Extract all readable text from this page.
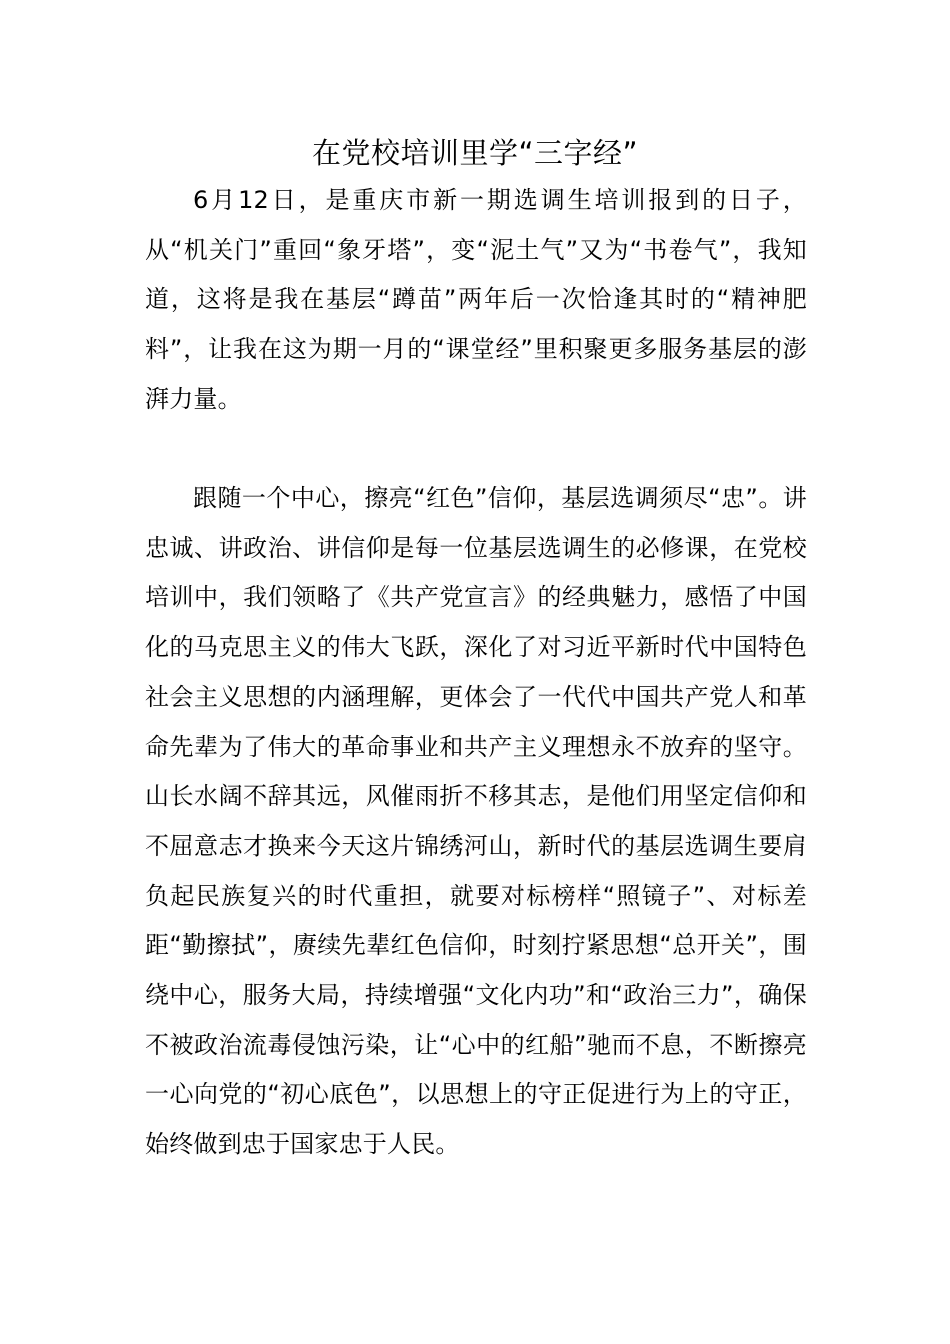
在党校培训里学“三字经”

6月12日，是重庆市新一期选调生培训报到的日子，从“机关门”重回“象牙塔”，变“泥土气”又为“书卷气”，我知道，这将是我在基层“蹲苗”两年后一次恰逢其时的“精神肥料”，让我在这为期一月的“课堂经”里积聚更多服务基层的澎湃力量。

跟随一个中心，擦亮“红色”信仰，基层选调须尽“忠”。讲忠诚、讲政治、讲信仰是每一位基层选调生的必修课，在党校培训中，我们领略了《共产党宣言》的经典魅力，感悟了中国化的马克思主义的伟大飞跃，深化了对习近平新时代中国特色社会主义思想的内涵理解，更体会了一代代中国共产党人和革命先辈为了伟大的革命事业和共产主义理想永不放弃的坚守。山长水阔不辞其远，风催雨折不移其志，是他们用坚定信仰和不屈意志才换来今天这片锦绣河山，新时代的基层选调生要肩负起民族复兴的时代重担，就要对标榜样“照镜子”、对标差距“勤擦拭”，赓续先辈红色信仰，时刻拧紧思想“总开关”，围绕中心，服务大局，持续增强“文化内功”和“政治三力”，确保不被政治流毒侵蚀污染，让“心中的红船”驰而不息，不断擦亮一心向党的“初心底色”，以思想上的守正促进行为上的守正，始终做到忠于国家忠于人民。
